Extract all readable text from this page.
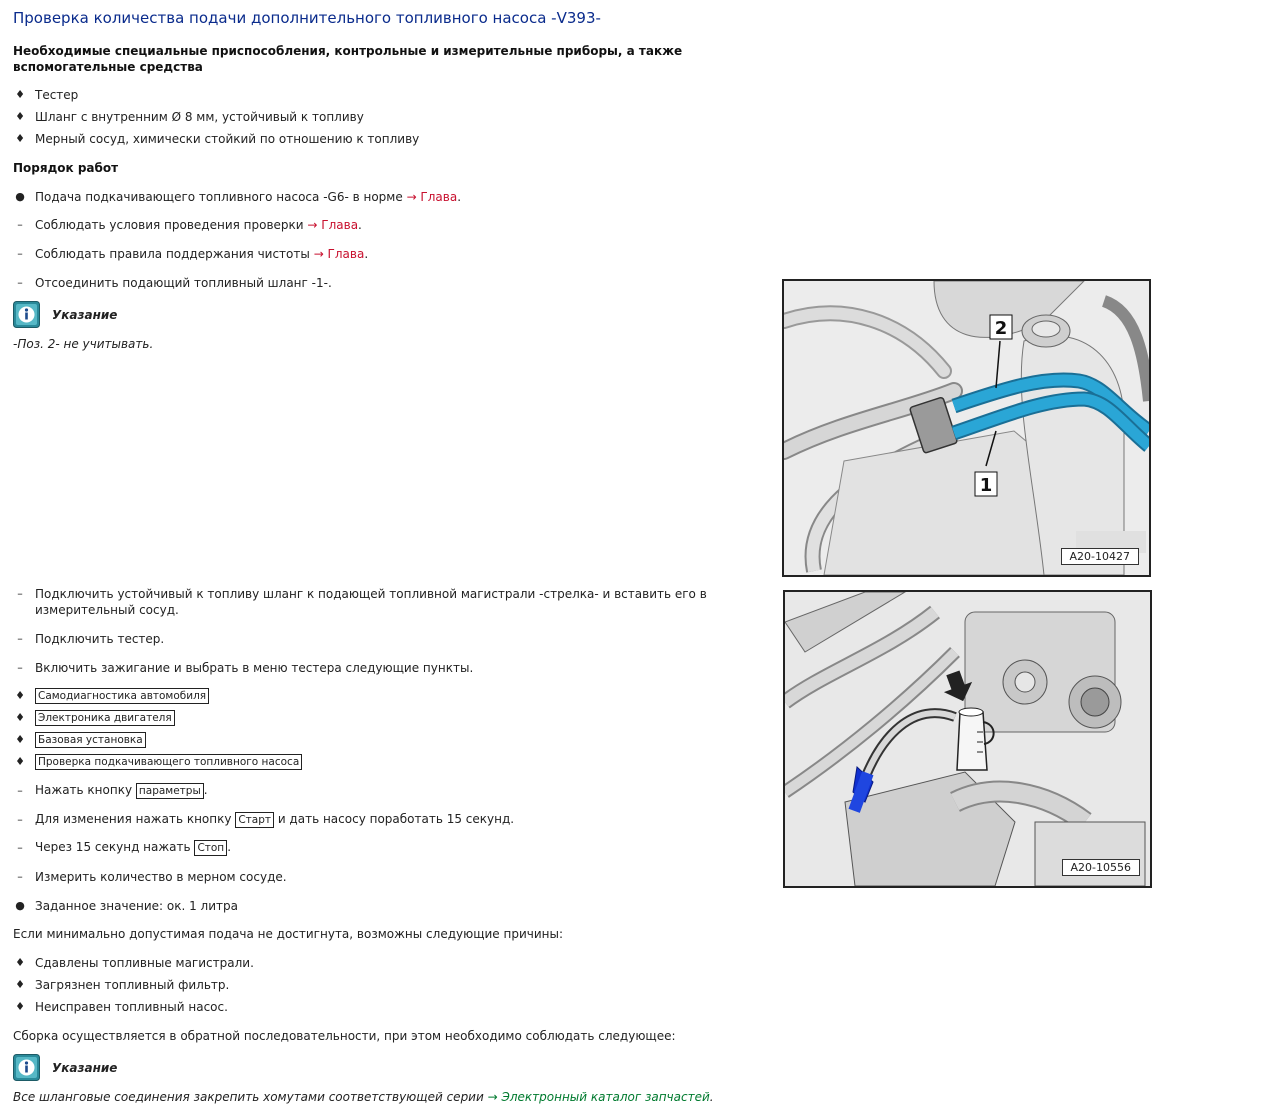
Проверка количества подачи дополнительного топливного насоса -V393-
Необходимые специальные приспособления, контрольные и измерительные приборы, а также
вспомогательные средства
♦ Тестер
♦ Шланг с внутренним Ø 8 мм, устойчивый к топливу
♦ Мерный сосуд, химически стойкий по отношению к топливу
Порядок работ
● Подача подкачивающего топливного насоса -G6- в норме → Глава.
–	Соблюдать условия проведения проверки → Глава.
–	Соблюдать правила поддержания чистоты → Глава.
–	Отсоединить подающий топливный шланг -1-.
Указание
-Поз. 2- не учитывать.
2
1
A20-10427
–	Подключить устойчивый к топливу шланг к подающей топливной магистрали -стрелка- и вставить его в
измерительный сосуд.
–	Подключить тестер.
–	Включить зажигание и выбрать в меню тестера следующие пункты.
♦ Самодиагностика автомобиля
♦ Электроника двигателя
♦ Базовая установка
♦ Проверка подкачивающего топливного насоса
–	Нажать кнопку параметры .
–	Для изменения нажать кнопку Старт и дать насосу поработать 15 секунд.
–	Через 15 секунд нажать Стоп .
–	Измерить количество в мерном сосуде.
● Заданное значение: ок. 1 литра
Если минимально допустимая подача не достигнута, возможны следующие причины:
♦ Сдавлены топливные магистрали.
♦ Загрязнен топливный фильтр.
♦ Неисправен топливный насос.
Сборка осуществляется в обратной последовательности, при этом необходимо соблюдать следующее:
Указание
Все шланговые соединения закрепить хомутами соответствующей серии → Электронный каталог запчастей.
A20-10556
